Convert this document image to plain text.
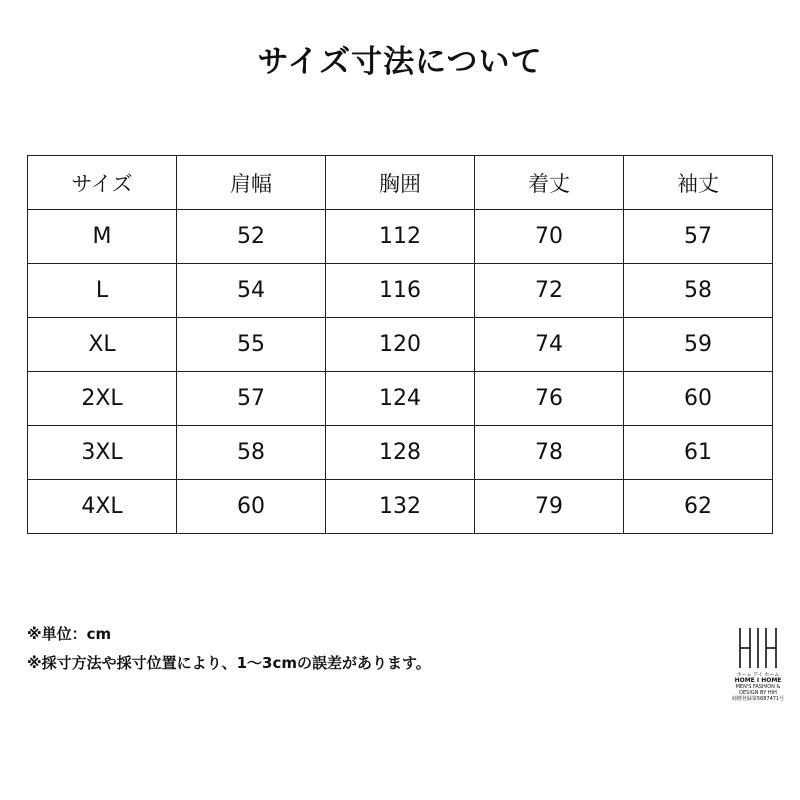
サイズ寸法について
サイズ	肩幅	胸囲	着丈	袖丈
M	52	112	70	57
L	54	116	72	58
XL	55	120	74	59
2XL	57	124	76	60
3XL	58	128	78	61
4XL	60	132	79	62
※単位：cm
※採寸方法や採寸位置により、1～3cmの誤差があります。
ホーム アイ ホーム
HOME I HOME
MEN'S FASHION & DESIGN BY HIH
商標登録第5887471号
